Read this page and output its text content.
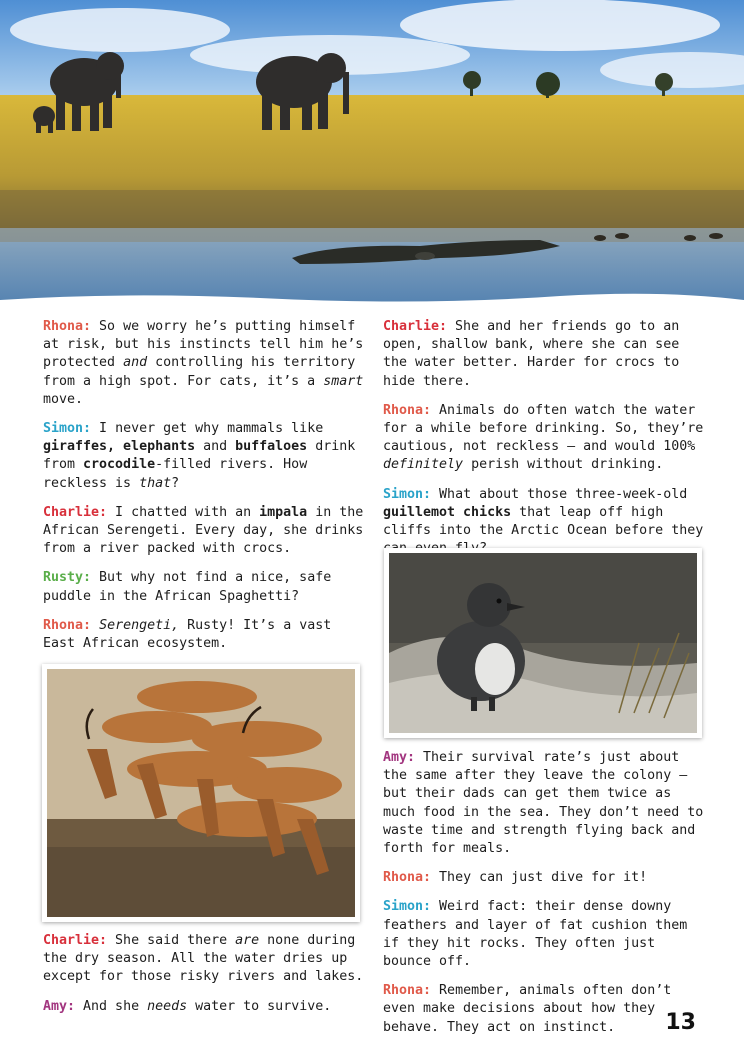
Rhona: So we worry he’s putting himself at risk, but his instincts tell him he’s protected and controlling his territory from a high spot. For cats, it’s a smart move.

Simon: I never get why mammals like giraffes, elephants and buffaloes drink from crocodile-filled rivers. How reckless is that?

Charlie: I chatted with an impala in the African Serengeti. Every day, she drinks from a river packed with crocs.

Rusty: But why not find a nice, safe puddle in the African Spaghetti?

Rhona: Serengeti, Rusty! It’s a vast East African ecosystem.

Charlie: She said there are none during the dry season. All the water dries up except for those risky rivers and lakes.

Amy: And she needs water to survive.

Charlie: She and her friends go to an open, shallow bank, where she can see the water better. Harder for crocs to hide there.

Rhona: Animals do often watch the water for a while before drinking. So, they’re cautious, not reckless – and would 100% definitely perish without drinking.

Simon: What about those three-week-old guillemot chicks that leap off high cliffs into the Arctic Ocean before they

Amy: Their survival rate’s just about the same after they leave the colony – but their dads can get them twice as much food in the sea. They don’t need to waste time and strength flying back and forth for meals.

Rhona: They can just dive for it!

Simon: Weird fact: their dense downy feathers and layer of fat cushion them if they hit rocks. They often just bounce off.

Rhona: Remember, animals often don’t even make decisions about how they behave. They act on instinct.	13
